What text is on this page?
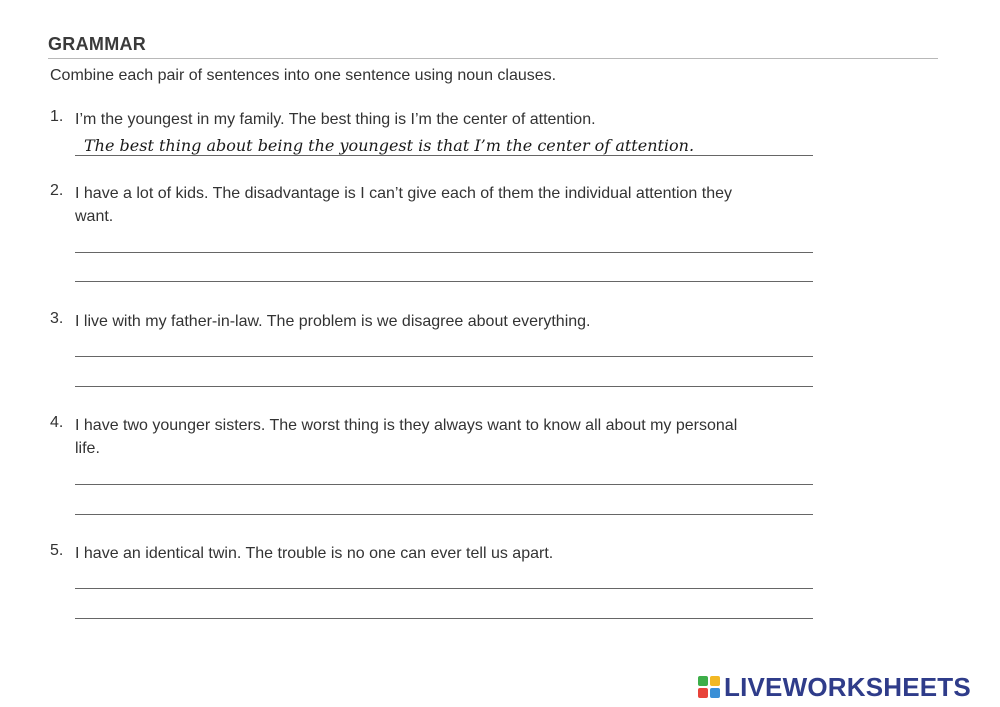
GRAMMAR
Combine each pair of sentences into one sentence using noun clauses.
1. I’m the youngest in my family. The best thing is I’m the center of attention.
The best thing about being the youngest is that I’m the center of attention.
2. I have a lot of kids. The disadvantage is I can’t give each of them the individual attention they want.
3. I live with my father-in-law. The problem is we disagree about everything.
4. I have two younger sisters. The worst thing is they always want to know all about my personal life.
5. I have an identical twin. The trouble is no one can ever tell us apart.
LIVEWORKSHEETS
